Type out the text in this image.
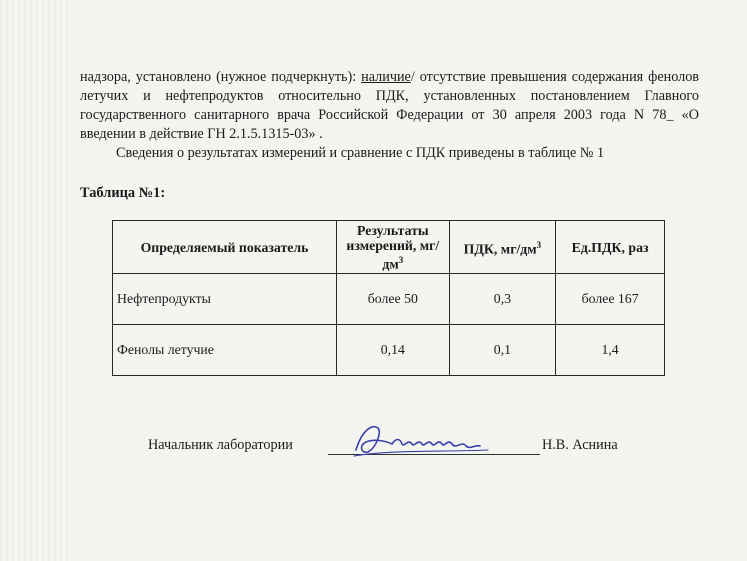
надзора, установлено (нужное подчеркнуть): наличие/ отсутствие превышения содержания фенолов летучих и нефтепродуктов относительно ПДК, установленных постановлением Главного государственного санитарного врача Российской Федерации от 30 апреля 2003 года N 78_ «О введении в действие ГН 2.1.5.1315-03» .
Сведения о результатах измерений и сравнение с ПДК приведены в таблице № 1
Таблица №1:
Определяемый показатель	Результаты измерений, $мг/дм^3$	ПДК, $мг/дм^3$	Ед.ПДК, раз
Нефтепродукты	более 50	0,3	более 167
Фенолы летучие	0,14	0,1	1,4
Начальник лаборатории	Н.В. Аснина
